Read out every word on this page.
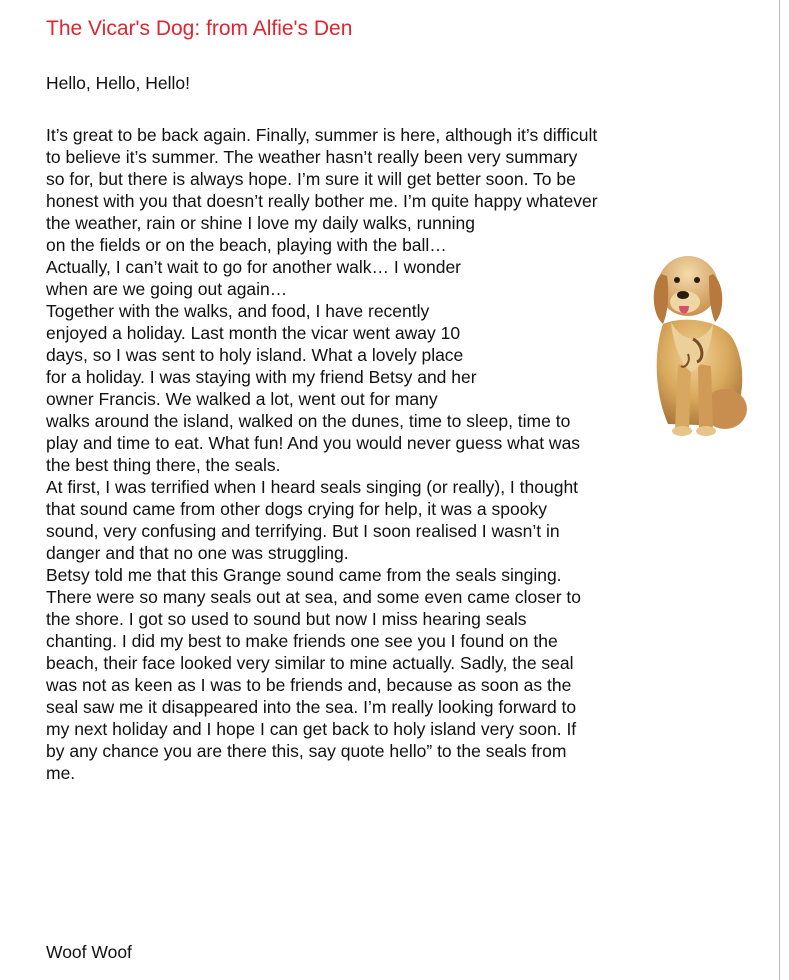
The Vicar's Dog: from Alfie's Den
Hello, Hello, Hello!
It’s great to be back again. Finally, summer is here, although it’s difficult
to believe it’s summer. The weather hasn’t really been very summary
so for, but there is always hope. I’m sure it will get better soon. To be
honest with you that doesn’t really bother me. I’m quite happy whatever
the weather, rain or shine I love my daily walks, running
on the fields or on the beach, playing with the ball…
Actually, I can’t wait to go for another walk… I wonder
when are we going out again…
Together with the walks, and food, I have recently
enjoyed a holiday. Last month the vicar went away 10
days, so I was sent to holy island. What a lovely place
for a holiday. I was staying with my friend Betsy and her
owner Francis. We walked a lot, went out for many
walks around the island, walked on the dunes, time to sleep, time to
play and time to eat. What fun! And you would never guess what was
the best thing there, the seals.
At first, I was terrified when I heard seals singing (or really), I thought
that sound came from other dogs crying for help, it was a spooky
sound, very confusing and terrifying. But I soon realised I wasn’t in
danger and that no one was struggling.
Betsy told me that this Grange sound came from the seals singing.
There were so many seals out at sea, and some even came closer to
the shore. I got so used to sound but now I miss hearing seals
chanting. I did my best to make friends one see you I found on the
beach, their face looked very similar to mine actually. Sadly, the seal
was not as keen as I was to be friends and, because as soon as the
seal saw me it disappeared into the sea. I’m really looking forward to
my next holiday and I hope I can get back to holy island very soon. If
by any chance you are there this, say quote hello” to the seals from
me.
Woof Woof
